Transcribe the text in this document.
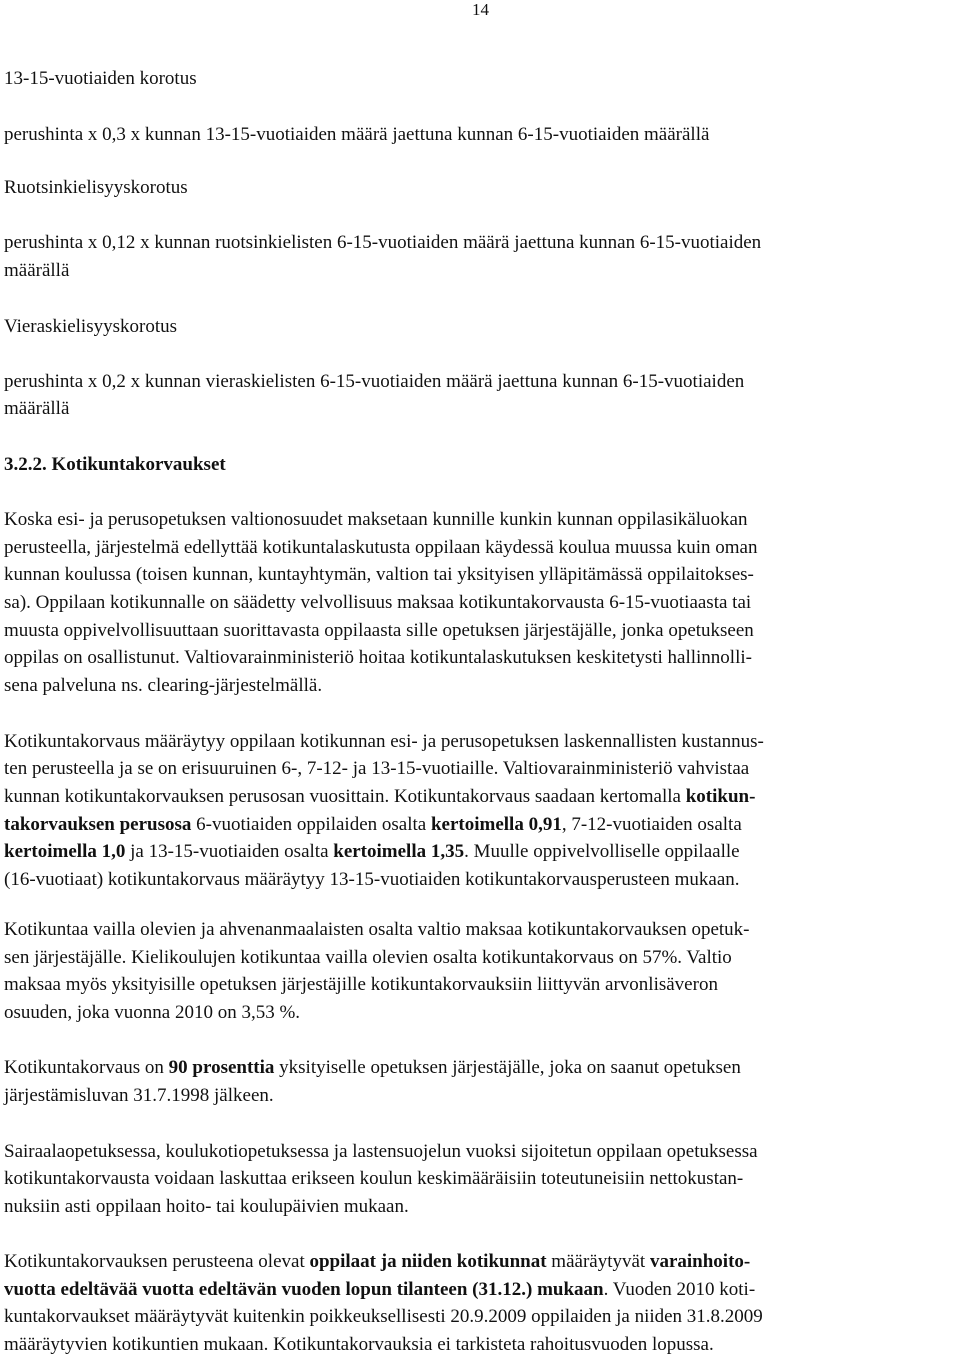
14
13-15-vuotiaiden korotus
perushinta x 0,3 x kunnan 13-15-vuotiaiden määrä jaettuna kunnan 6-15-vuotiaiden määrällä
Ruotsinkielisyyskorotus
perushinta x 0,12 x kunnan ruotsinkielisten 6-15-vuotiaiden määrä jaettuna kunnan 6-15-vuotiaiden
määrällä
Vieraskielisyyskorotus
perushinta x 0,2 x kunnan vieraskielisten 6-15-vuotiaiden määrä jaettuna kunnan 6-15-vuotiaiden
määrällä
3.2.2. Kotikuntakorvaukset
Koska esi- ja perusopetuksen valtionosuudet maksetaan kunnille kunkin kunnan oppilasikäluokan
perusteella, järjestelmä edellyttää kotikuntalaskutusta oppilaan käydessä koulua muussa kuin oman
kunnan koulussa (toisen kunnan, kuntayhtymän, valtion tai yksityisen ylläpitämässä oppilaitokses-
sa). Oppilaan kotikunnalle on säädetty velvollisuus maksaa kotikuntakorvausta 6-15-vuotiaasta tai
muusta oppivelvollisuuttaan suorittavasta oppilaasta sille opetuksen järjestäjälle, jonka opetukseen
oppilas on osallistunut. Valtiovarainministeriö hoitaa kotikuntalaskutuksen keskitetysti hallinnolli-
sena palveluna ns. clearing-järjestelmällä.
Kotikuntakorvaus määräytyy oppilaan kotikunnan esi- ja perusopetuksen laskennallisten kustannus-
ten perusteella ja se on erisuuruinen 6-, 7-12- ja 13-15-vuotiaille. Valtiovarainministeriö vahvistaa
kunnan kotikuntakorvauksen perusosan vuosittain. Kotikuntakorvaus saadaan kertomalla kotikun-
takorvauksen perusosa 6-vuotiaiden oppilaiden osalta kertoimella 0,91, 7-12-vuotiaiden osalta
kertoimella 1,0 ja 13-15-vuotiaiden osalta kertoimella 1,35. Muulle oppivelvolliselle oppilaalle
(16-vuotiaat) kotikuntakorvaus määräytyy 13-15-vuotiaiden kotikuntakorvausperusteen mukaan.
Kotikuntaa vailla olevien ja ahvenanmaalaisten osalta valtio maksaa kotikuntakorvauksen opetuk-
sen järjestäjälle. Kielikoulujen kotikuntaa vailla olevien osalta kotikuntakorvaus on 57%. Valtio
maksaa myös yksityisille opetuksen järjestäjille kotikuntakorvauksiin liittyvän arvonlisäveron
osuuden, joka vuonna 2010 on 3,53 %.
Kotikuntakorvaus on 90 prosenttia yksityiselle opetuksen järjestäjälle, joka on saanut opetuksen
järjestämisluvan 31.7.1998 jälkeen.
Sairaalaopetuksessa, koulukotiopetuksessa ja lastensuojelun vuoksi sijoitetun oppilaan opetuksessa
kotikuntakorvausta voidaan laskuttaa erikseen koulun keskimääräisiin toteutuneisiin nettokustan-
nuksiin asti oppilaan hoito- tai koulupäivien mukaan.
Kotikuntakorvauksen perusteena olevat oppilaat ja niiden kotikunnat määräytyvät varainhoito-
vuotta edeltävää vuotta edeltävän vuoden lopun tilanteen (31.12.) mukaan. Vuoden 2010 koti-
kuntakorvaukset määräytyvät kuitenkin poikkeuksellisesti 20.9.2009 oppilaiden ja niiden 31.8.2009
määräytyvien kotikuntien mukaan. Kotikuntakorvauksia ei tarkisteta rahoitusvuoden lopussa.
